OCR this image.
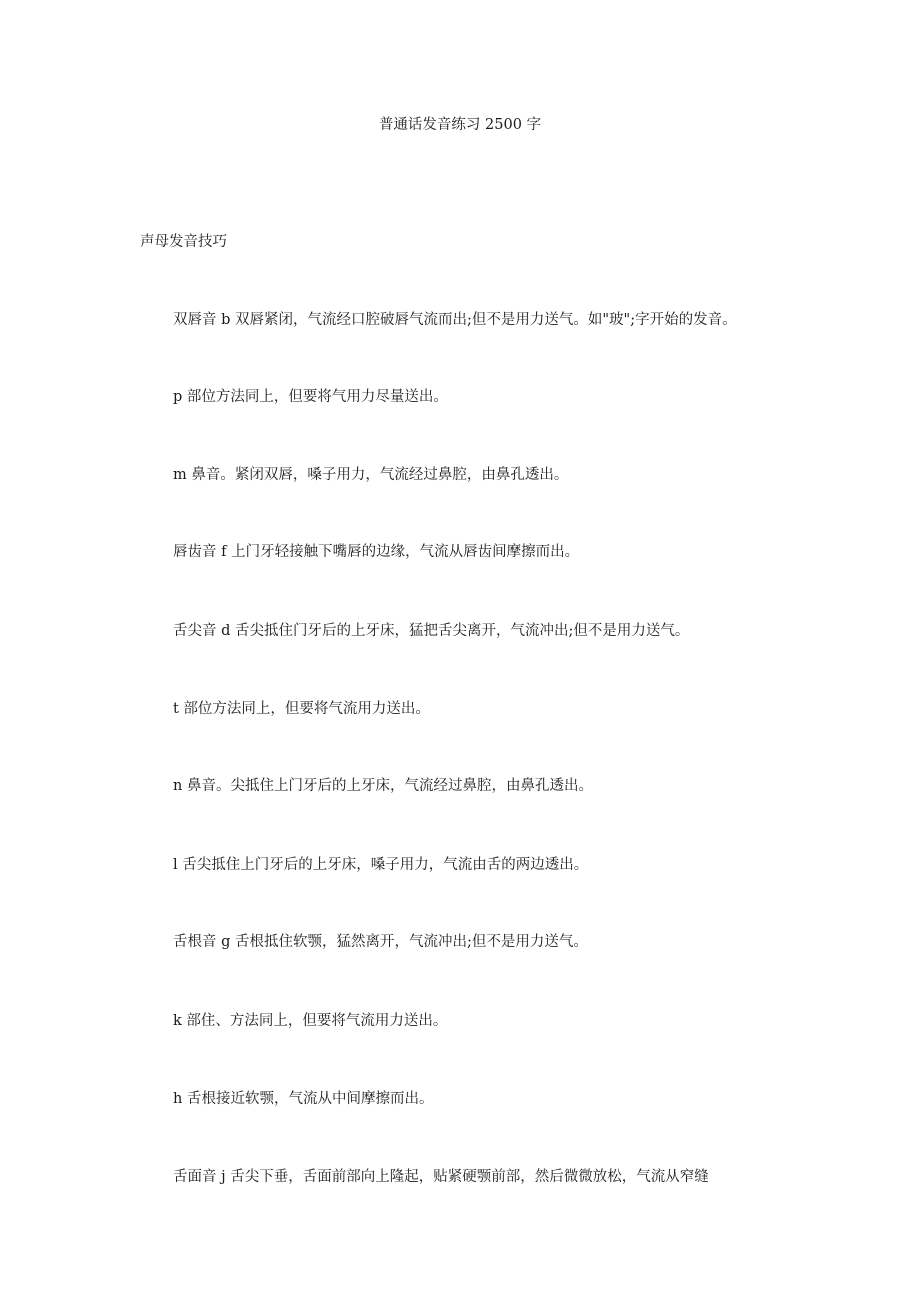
普通话发音练习 2500 字
声母发音技巧
双唇音 b 双唇紧闭，气流经口腔破唇气流而出;但不是用力送气。如"玻";字开始的发音。
p 部位方法同上，但要将气用力尽量送出。
m 鼻音。紧闭双唇，嗓子用力，气流经过鼻腔，由鼻孔透出。
唇齿音 f 上门牙轻接触下嘴唇的边缘，气流从唇齿间摩擦而出。
舌尖音 d 舌尖抵住门牙后的上牙床，猛把舌尖离开，气流冲出;但不是用力送气。
t 部位方法同上，但要将气流用力送出。
n 鼻音。尖抵住上门牙后的上牙床，气流经过鼻腔，由鼻孔透出。
l 舌尖抵住上门牙后的上牙床，嗓子用力，气流由舌的两边透出。
舌根音 g 舌根抵住软颚，猛然离开，气流冲出;但不是用力送气。
k 部住、方法同上，但要将气流用力送出。
h 舌根接近软颚，气流从中间摩擦而出。
舌面音 j 舌尖下垂，舌面前部向上隆起，贴紧硬颚前部，然后微微放松，气流从窄缝
